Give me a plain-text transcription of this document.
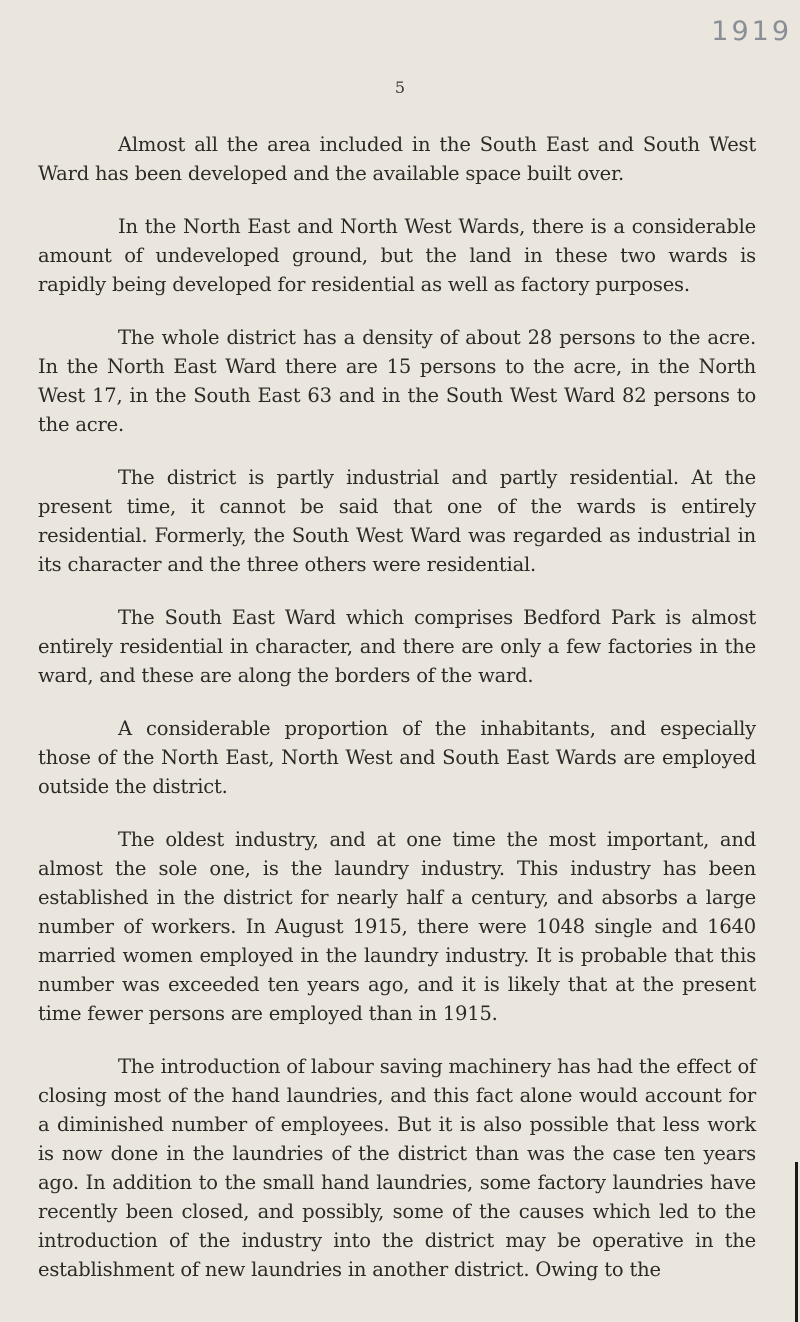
1919
5

Almost all the area included in the South East and South West Ward has been developed and the available space built over.

In the North East and North West Wards, there is a considerable amount of undeveloped ground, but the land in these two wards is rapidly being developed for residential as well as factory purposes.

The whole district has a density of about 28 persons to the acre. In the North East Ward there are 15 persons to the acre, in the North West 17, in the South East 63 and in the South West Ward 82 persons to the acre.

The district is partly industrial and partly residential. At the present time, it cannot be said that one of the wards is entirely residential. Formerly, the South West Ward was regarded as industrial in its character and the three others were residential.

The South East Ward which comprises Bedford Park is almost entirely residential in character, and there are only a few factories in the ward, and these are along the borders of the ward.

A considerable proportion of the inhabitants, and especially those of the North East, North West and South East Wards are employed outside the district.

The oldest industry, and at one time the most important, and almost the sole one, is the laundry industry. This industry has been established in the district for nearly half a century, and absorbs a large number of workers. In August 1915, there were 1048 single and 1640 married women employed in the laundry industry. It is probable that this number was exceeded ten years ago, and it is likely that at the present time fewer persons are employed than in 1915.

The introduction of labour saving machinery has had the effect of closing most of the hand laundries, and this fact alone would account for a diminished number of employees. But it is also possible that less work is now done in the laundries of the district than was the case ten years ago. In addition to the small hand laundries, some factory laundries have recently been closed, and possibly, some of the causes which led to the introduction of the industry into the district may be operative in the establishment of new laundries in another district. Owing to the
